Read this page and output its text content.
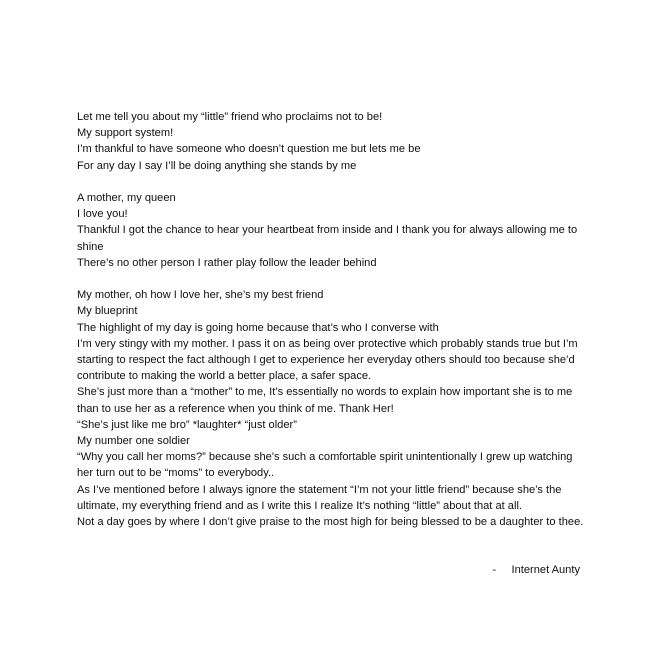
Let me tell you about my “little” friend who proclaims not to be!
My support system!
I’m thankful to have someone who doesn’t question me but lets me be
For any day I say I’ll be doing anything she stands by me
A mother, my queen
I love you!
Thankful I got the chance to hear your heartbeat from inside and I thank you for always allowing me to shine
There’s no other person I rather play follow the leader behind
My mother, oh how I love her, she’s my best friend
My blueprint
The highlight of my day is going home because that’s who I converse with
I’m very stingy with my mother. I pass it on as being over protective which probably stands true but I’m starting to respect the fact although I get to experience her everyday others should too because she’d contribute to making the world a better place, a safer space.
She’s just more than a “mother” to me, It’s essentially no words to explain how important she is to me than to use her as a reference when you think of me. Thank Her!
“She’s just like me bro” *laughter* “just older”
My number one soldier
“Why you call her moms?” because she's such a comfortable spirit unintentionally I grew up watching her turn out to be “moms” to everybody..
As I’ve mentioned before I always ignore the statement “I’m not your little friend” because she’s the ultimate, my everything friend and as I write this I realize It’s nothing “little” about that at all.
Not a day goes by where I don’t give praise to the most high for being blessed to be a daughter to thee.
-     Internet Aunty
